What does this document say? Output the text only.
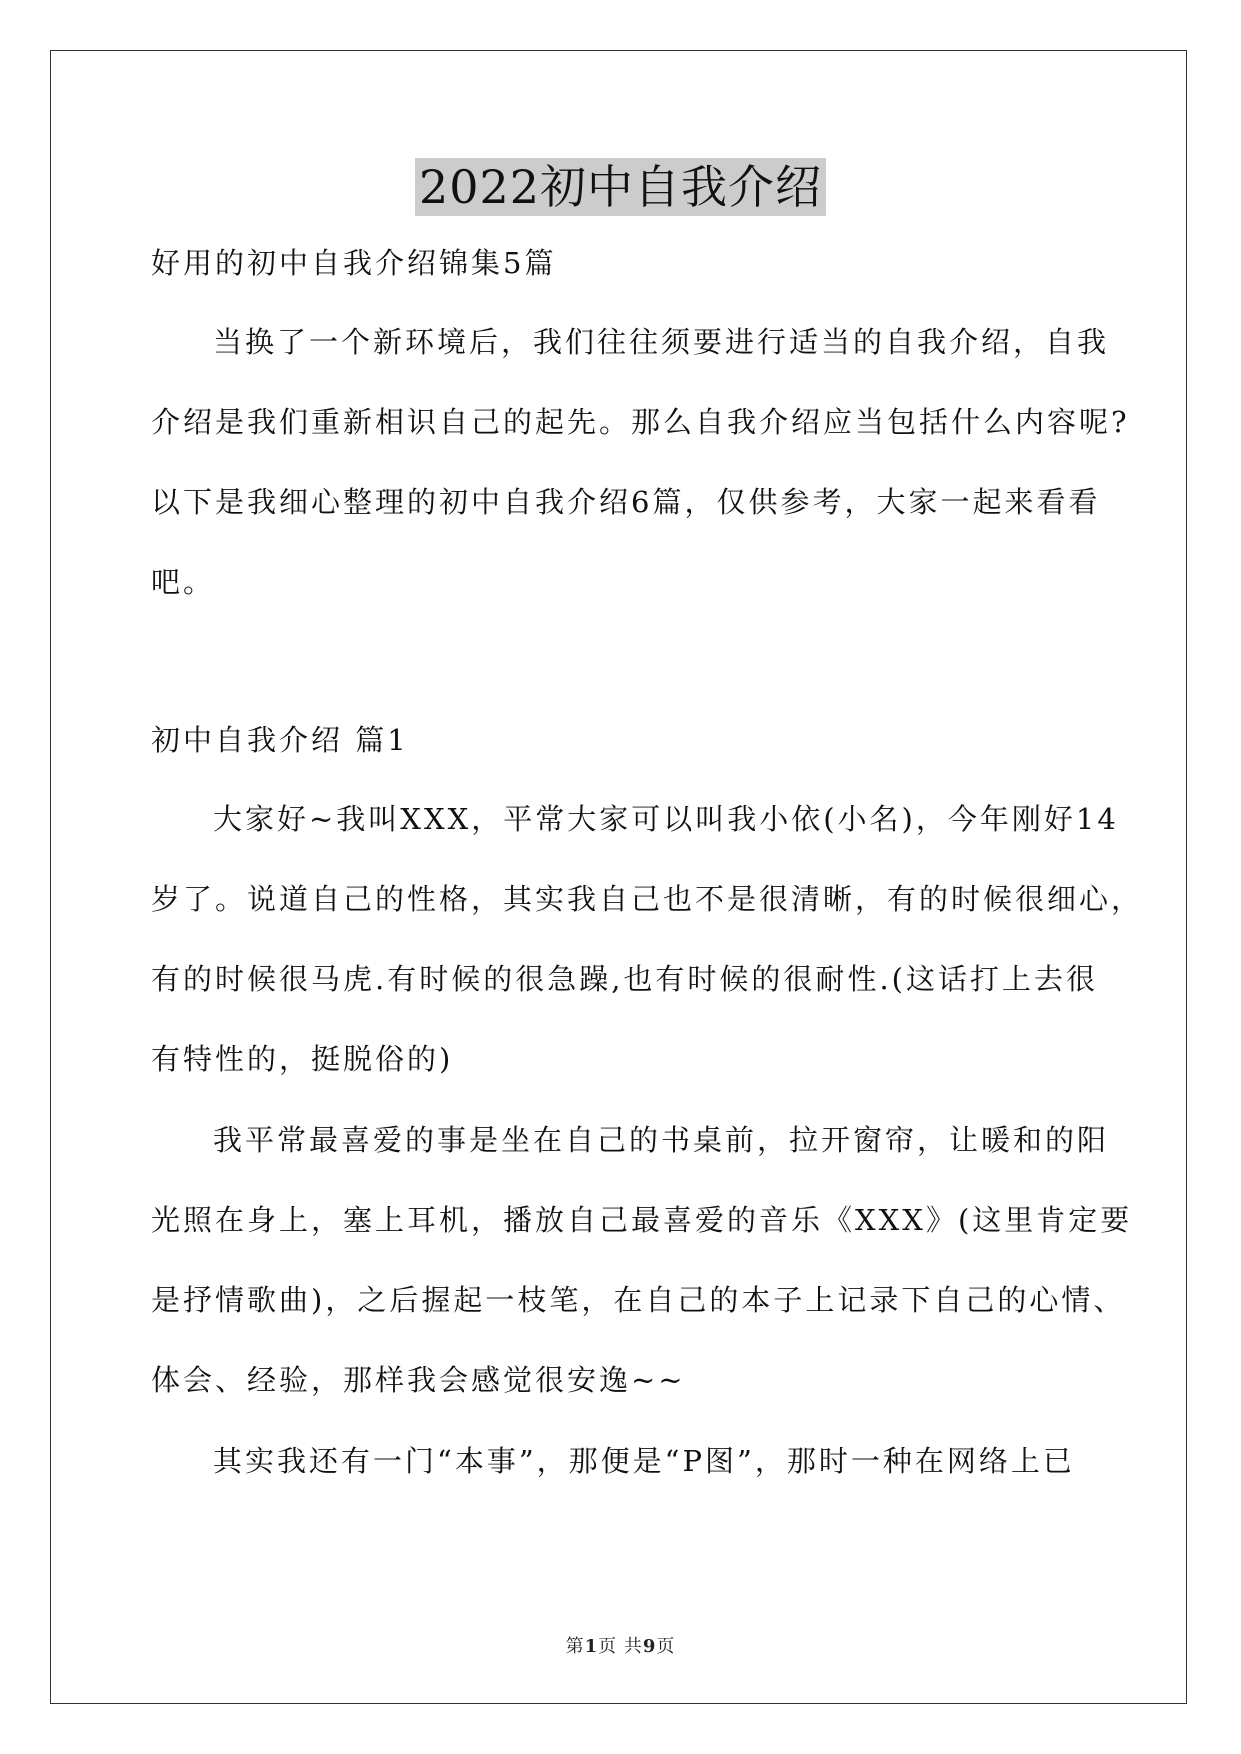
2022初中自我介绍
好用的初中自我介绍锦集5篇
当换了一个新环境后，我们往往须要进行适当的自我介绍，自我
介绍是我们重新相识自己的起先。那么自我介绍应当包括什么内容呢?
以下是我细心整理的初中自我介绍6篇，仅供参考，大家一起来看看
吧。
初中自我介绍 篇1
大家好~我叫XXX，平常大家可以叫我小依(小名)，今年刚好14
岁了。说道自己的性格，其实我自己也不是很清晰，有的时候很细心，
有的时候很马虎.有时候的很急躁,也有时候的很耐性.(这话打上去很
有特性的，挺脱俗的)
我平常最喜爱的事是坐在自己的书桌前，拉开窗帘，让暖和的阳
光照在身上，塞上耳机，播放自己最喜爱的音乐《XXX》(这里肯定要
是抒情歌曲)，之后握起一枝笔，在自己的本子上记录下自己的心情、
体会、经验，那样我会感觉很安逸~~
其实我还有一门“本事”，那便是“P图”，那时一种在网络上已
第1页 共9页
